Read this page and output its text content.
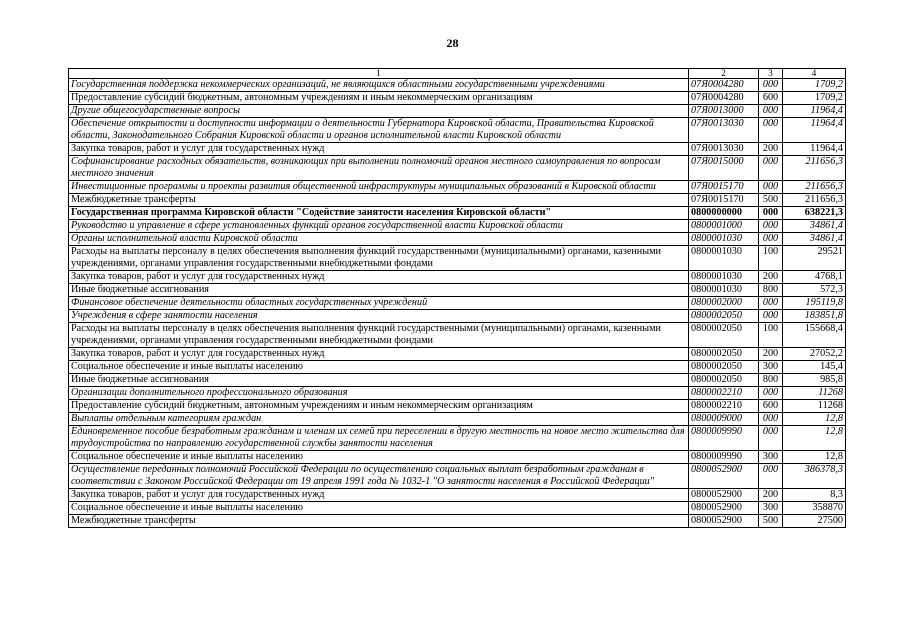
28
1	2	3	4
Государственная поддержка некоммерческих организаций, не являющихся областными государственными учреждениями	07Я0004280	000	1709,2
Предоставление субсидий бюджетным, автономным учреждениям и иным некоммерческим организациям	07Я0004280	600	1709,2
Другие общегосударственные вопросы	07Я0013000	000	11964,4
Обеспечение открытости и доступности информации о деятельности Губернатора Кировской области, Правительства Кировской области, Законодательного Собрания Кировской области и органов исполнительной власти Кировской области	07Я0013030	000	11964,4
Закупка товаров, работ и услуг для государственных нужд	07Я0013030	200	11964,4
Софинансирование расходных обязательств, возникающих при выполнении полномочий органов местного самоуправления по вопросам местного значения	07Я0015000	000	211656,3
Инвестиционные программы и проекты развития общественной инфраструктуры муниципальных образований в Кировской области	07Я0015170	000	211656,3
Межбюджетные трансферты	07Я0015170	500	211656,3
Государственная программа Кировской области "Содействие занятости населения Кировской области"	0800000000	000	638221,3
Руководство и управление в сфере установленных функций органов государственной власти Кировской области	0800001000	000	34861,4
Органы исполнительной власти Кировской области	0800001030	000	34861,4
Расходы на выплаты персоналу в целях обеспечения выполнения функций государственными (муниципальными) органами, казенными учреждениями, органами управления государственными внебюджетными фондами	0800001030	100	29521
Закупка товаров, работ и услуг для государственных нужд	0800001030	200	4768,1
Иные бюджетные ассигнования	0800001030	800	572,3
Финансовое обеспечение деятельности областных государственных учреждений	0800002000	000	195119,8
Учреждения в сфере занятости населения	0800002050	000	183851,8
Расходы на выплаты персоналу в целях обеспечения выполнения функций государственными (муниципальными) органами, казенными учреждениями, органами управления государственными внебюджетными фондами	0800002050	100	155668,4
Закупка товаров, работ и услуг для государственных нужд	0800002050	200	27052,2
Социальное обеспечение и иные выплаты населению	0800002050	300	145,4
Иные бюджетные ассигнования	0800002050	800	985,8
Организации дополнительного профессионального образования	0800002210	000	11268
Предоставление субсидий бюджетным, автономным учреждениям и иным некоммерческим организациям	0800002210	600	11268
Выплаты отдельным категориям граждан	0800009000	000	12,8
Единовременное пособие безработным гражданам и членам их семей при переселении в другую местность на новое место жительства для трудоустройства по направлению государственной службы занятости населения	0800009990	000	12,8
Социальное обеспечение и иные выплаты населению	0800009990	300	12,8
Осуществление переданных полномочий Российской Федерации по осуществлению социальных выплат безработным гражданам в соответствии с Законом Российской Федерации от 19 апреля 1991 года № 1032-1 "О занятости населения в Российской Федерации"	0800052900	000	386378,3
Закупка товаров, работ и услуг для государственных нужд	0800052900	200	8,3
Социальное обеспечение и иные выплаты населению	0800052900	300	358870
Межбюджетные трансферты	0800052900	500	27500
